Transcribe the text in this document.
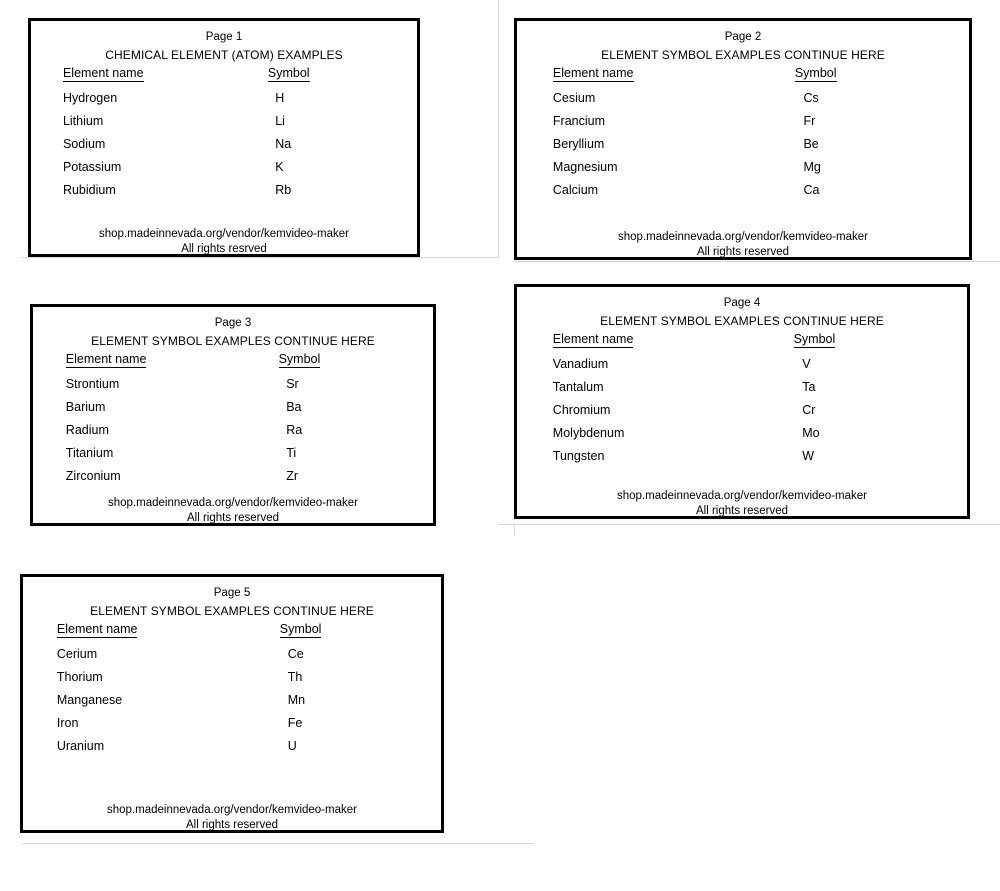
Page 1
CHEMICAL ELEMENT (ATOM) EXAMPLES
Element name	Symbol
Hydrogen	H
Lithium	Li
Sodium	Na
Potassium	K
Rubidium	Rb
shop.madeinnevada.org/vendor/kemvideo-maker
All rights resrved
Page 2
ELEMENT SYMBOL EXAMPLES CONTINUE HERE
Element name	Symbol
Cesium	Cs
Francium	Fr
Beryllium	Be
Magnesium	Mg
Calcium	Ca
shop.madeinnevada.org/vendor/kemvideo-maker
All rights reserved
Page 3
ELEMENT SYMBOL EXAMPLES CONTINUE HERE
Element name	Symbol
Strontium	Sr
Barium	Ba
Radium	Ra
Titanium	Ti
Zirconium	Zr
shop.madeinnevada.org/vendor/kemvideo-maker
All rights reserved
Page 4
ELEMENT SYMBOL EXAMPLES CONTINUE HERE
Element name	Symbol
Vanadium	V
Tantalum	Ta
Chromium	Cr
Molybdenum	Mo
Tungsten	W
shop.madeinnevada.org/vendor/kemvideo-maker
All rights reserved
Page 5
ELEMENT SYMBOL EXAMPLES CONTINUE HERE
Element name	Symbol
Cerium	Ce
Thorium	Th
Manganese	Mn
Iron	Fe
Uranium	U
shop.madeinnevada.org/vendor/kemvideo-maker
All rights reserved
